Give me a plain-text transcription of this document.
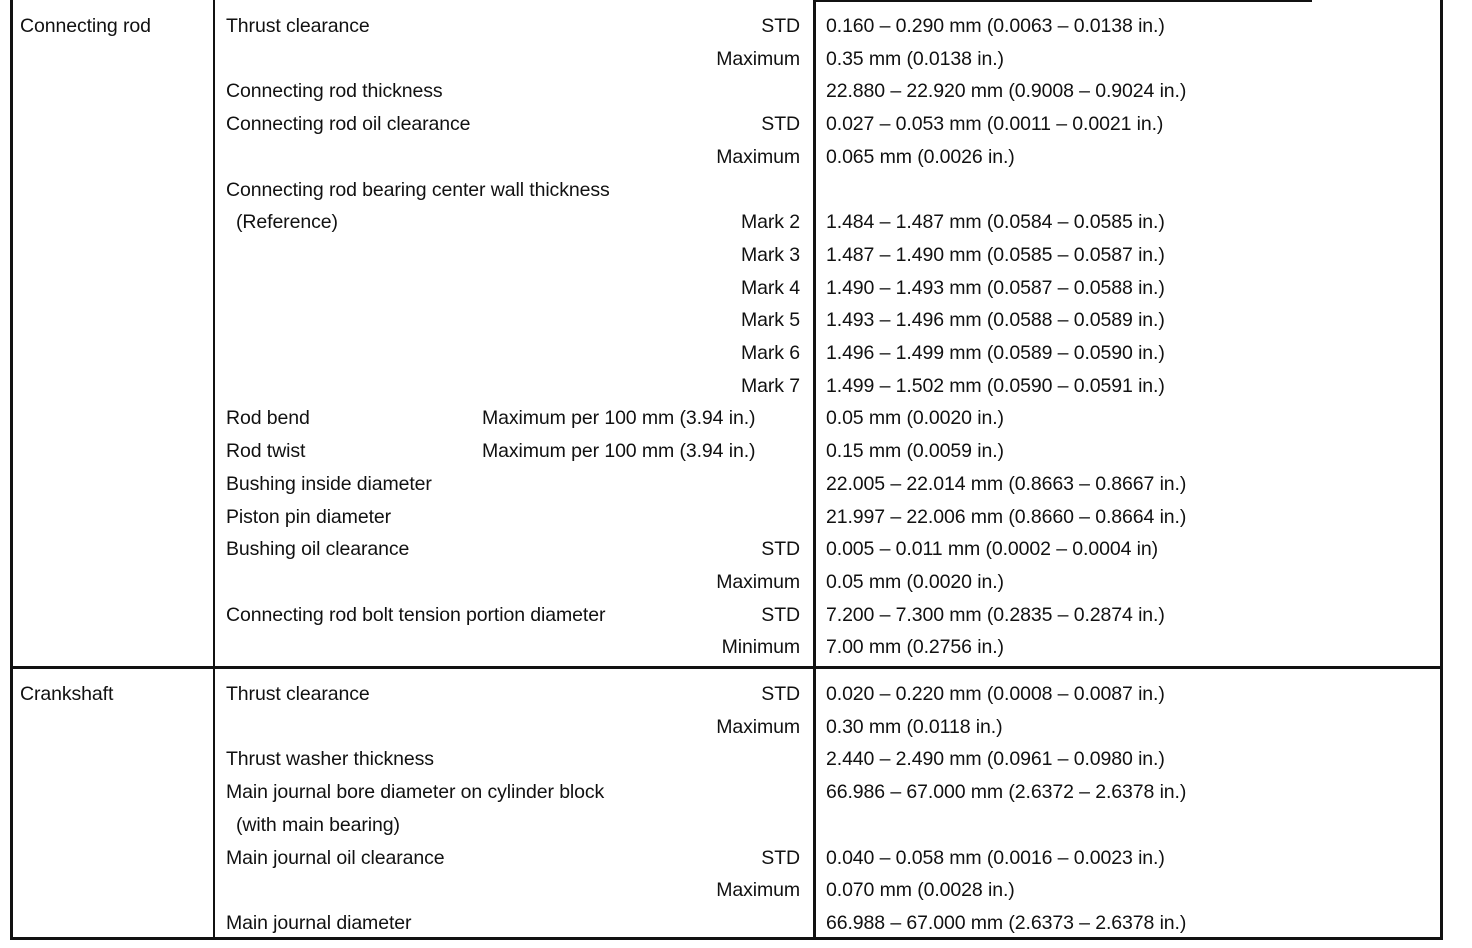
Connecting rod	Thrust clearance	STD 0.160 – 0.290 mm (0.0063 – 0.0138 in.)
Maximum 0.35 mm (0.0138 in.)
Connecting rod thickness	22.880 – 22.920 mm (0.9008 – 0.9024 in.)
Connecting rod oil clearance	STD 0.027 – 0.053 mm (0.0011 – 0.0021 in.)
Maximum 0.065 mm (0.0026 in.)
Connecting rod bearing center wall thickness
(Reference)	Mark 2 1.484 – 1.487 mm (0.0584 – 0.0585 in.)
Mark 3 1.487 – 1.490 mm (0.0585 – 0.0587 in.)
Mark 4 1.490 – 1.493 mm (0.0587 – 0.0588 in.)
Mark 5 1.493 – 1.496 mm (0.0588 – 0.0589 in.)
Mark 6 1.496 – 1.499 mm (0.0589 – 0.0590 in.)
Mark 7 1.499 – 1.502 mm (0.0590 – 0.0591 in.)
Rod bend	Maximum per 100 mm (3.94 in.)	0.05 mm (0.0020 in.)
Rod twist	Maximum per 100 mm (3.94 in.)	0.15 mm (0.0059 in.)
Bushing inside diameter	22.005 – 22.014 mm (0.8663 – 0.8667 in.)
Piston pin diameter	21.997 – 22.006 mm (0.8660 – 0.8664 in.)
Bushing oil clearance	STD 0.005 – 0.011 mm (0.0002 – 0.0004 in)
Maximum 0.05 mm (0.0020 in.)
Connecting rod bolt tension portion diameter	STD 7.200 – 7.300 mm (0.2835 – 0.2874 in.)
Minimum 7.00 mm (0.2756 in.)
Crankshaft	Thrust clearance	STD 0.020 – 0.220 mm (0.0008 – 0.0087 in.)
Maximum 0.30 mm (0.0118 in.)
Thrust washer thickness	2.440 – 2.490 mm (0.0961 – 0.0980 in.)
Main journal bore diameter on cylinder block	66.986 – 67.000 mm (2.6372 – 2.6378 in.)
(with main bearing)
Main journal oil clearance	STD 0.040 – 0.058 mm (0.0016 – 0.0023 in.)
Maximum 0.070 mm (0.0028 in.)
Main journal diameter	66.988 – 67.000 mm (2.6373 – 2.6378 in.)
